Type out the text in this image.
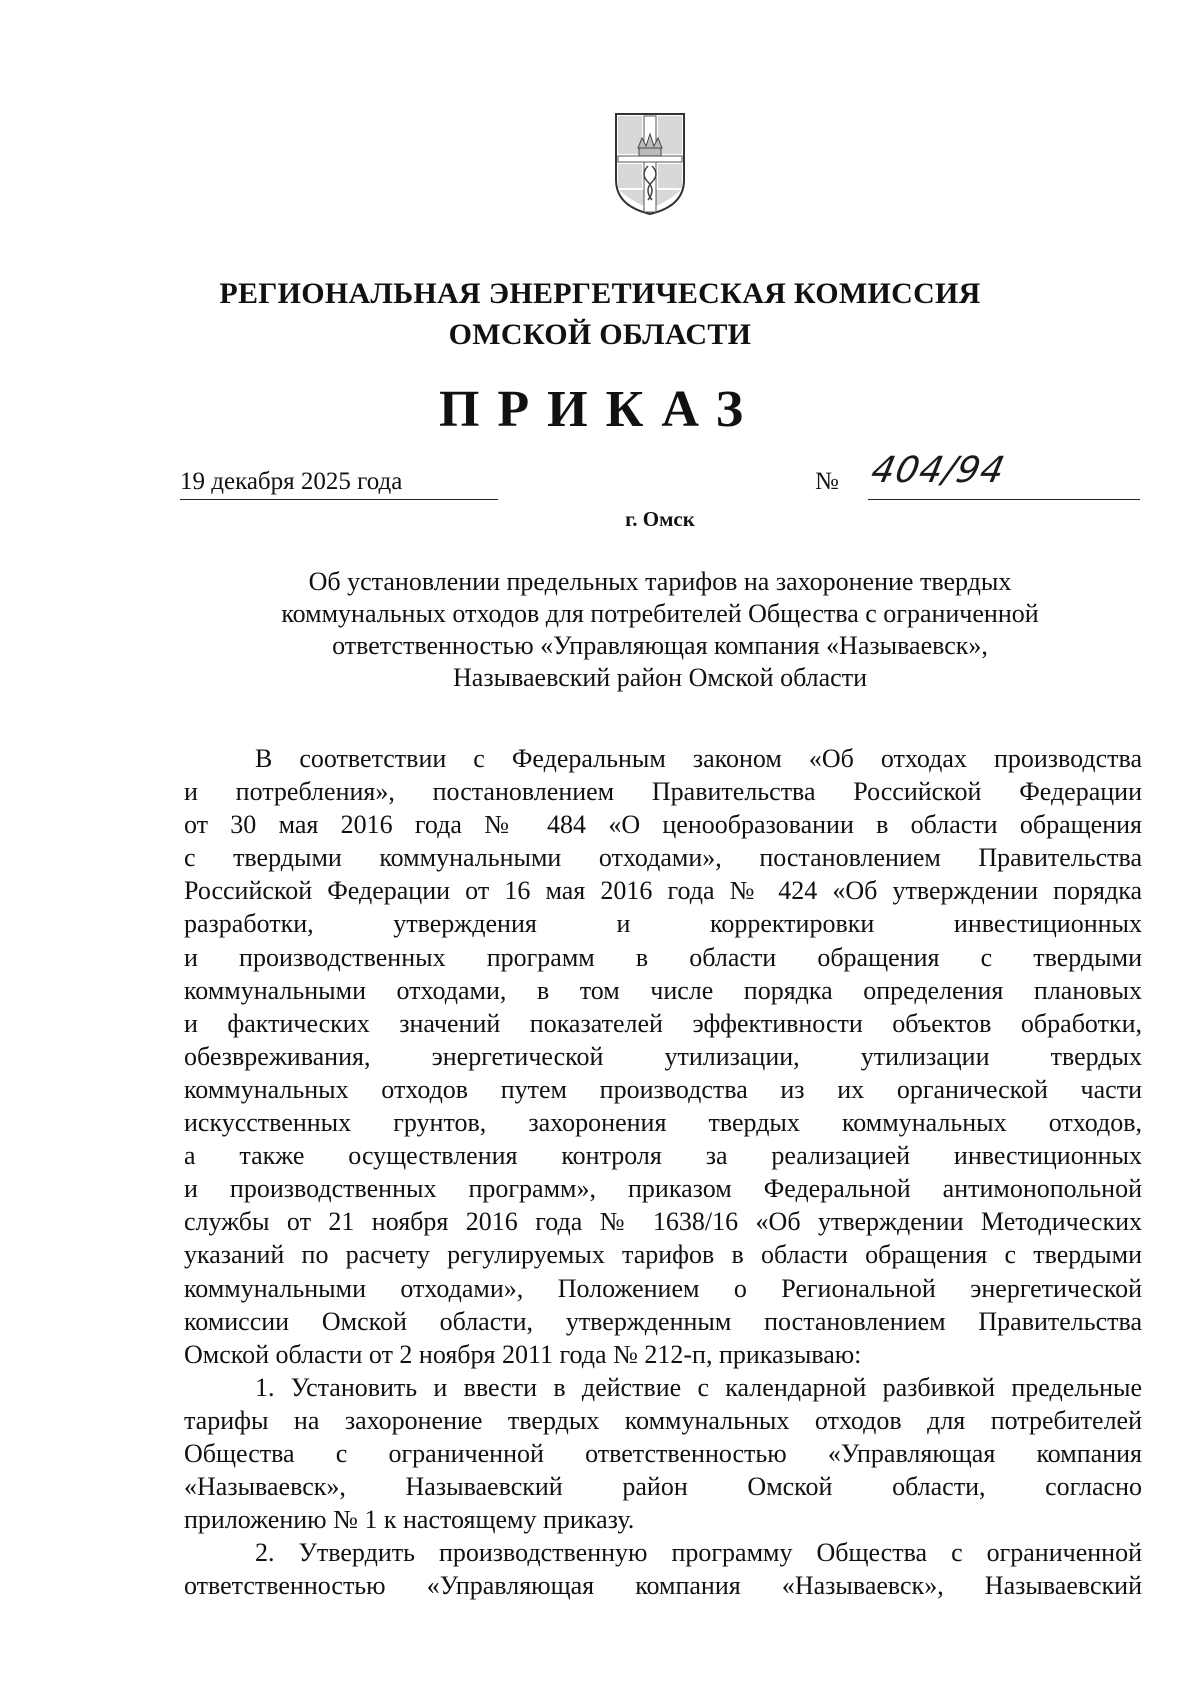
РЕГИОНАЛЬНАЯ ЭНЕРГЕТИЧЕСКАЯ КОМИССИЯ
ОМСКОЙ ОБЛАСТИ
ПРИКАЗ
19 декабря 2025 года	№ 404/94
г. Омск
Об установлении предельных тарифов на захоронение твердых
коммунальных отходов для потребителей Общества с ограниченной
ответственностью «Управляющая компания «Называевск»,
Называевский район Омской области
В соответствии с Федеральным законом «Об отходах производства
и потребления», постановлением Правительства Российской Федерации
от 30 мая 2016 года № 484 «О ценообразовании в области обращения
с твердыми коммунальными отходами», постановлением Правительства
Российской Федерации от 16 мая 2016 года № 424 «Об утверждении порядка
разработки, утверждения и корректировки инвестиционных
и производственных программ в области обращения с твердыми
коммунальными отходами, в том числе порядка определения плановых
и фактических значений показателей эффективности объектов обработки,
обезвреживания, энергетической утилизации, утилизации твердых
коммунальных отходов путем производства из их органической части
искусственных грунтов, захоронения твердых коммунальных отходов,
а также осуществления контроля за реализацией инвестиционных
и производственных программ», приказом Федеральной антимонопольной
службы от 21 ноября 2016 года № 1638/16 «Об утверждении Методических
указаний по расчету регулируемых тарифов в области обращения с твердыми
коммунальными отходами», Положением о Региональной энергетической
комиссии Омской области, утвержденным постановлением Правительства
Омской области от 2 ноября 2011 года № 212-п, приказываю:
1. Установить и ввести в действие с календарной разбивкой предельные
тарифы на захоронение твердых коммунальных отходов для потребителей
Общества с ограниченной ответственностью «Управляющая компания
«Называевск», Называевский район Омской области, согласно
приложению № 1 к настоящему приказу.
2. Утвердить производственную программу Общества с ограниченной
ответственностью «Управляющая компания «Называевск», Называевский
